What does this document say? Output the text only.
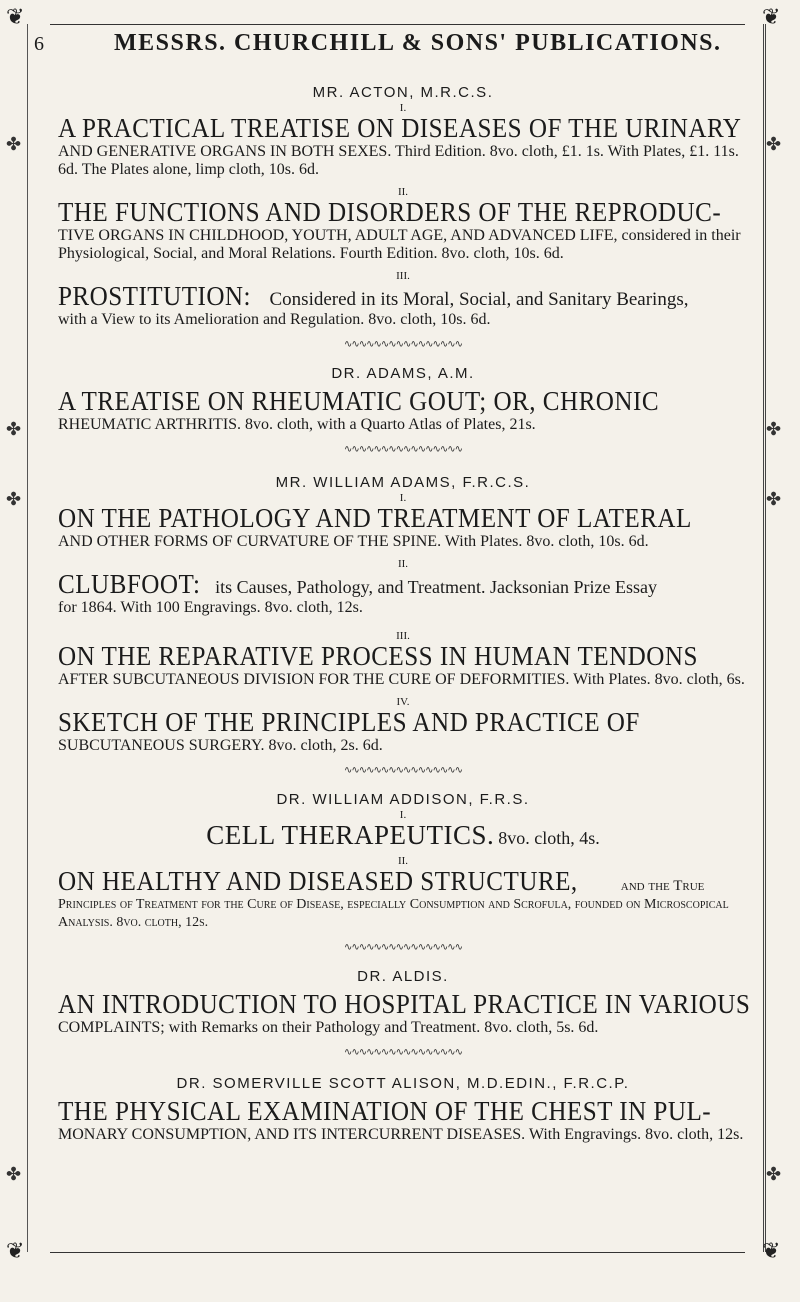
❦	❦
❦	❦
✤
✤
✤
✤
✤
✤
✤
✤
6	MESSRS. CHURCHILL & SONS' PUBLICATIONS.
MR. ACTON, M.R.C.S.
I.
A PRACTICAL TREATISE ON DISEASES OF THE URINARY
AND GENERATIVE ORGANS IN BOTH SEXES. Third Edition. 8vo. cloth, £1. 1s. With Plates, £1. 11s. 6d. The Plates alone, limp cloth, 10s. 6d.
II.
THE FUNCTIONS AND DISORDERS OF THE REPRODUC-
TIVE ORGANS IN CHILDHOOD, YOUTH, ADULT AGE, AND ADVANCED LIFE, considered in their Physiological, Social, and Moral Relations. Fourth Edition. 8vo. cloth, 10s. 6d.
III.
PROSTITUTION: Considered in its Moral, Social, and Sanitary Bearings,
with a View to its Amelioration and Regulation. 8vo. cloth, 10s. 6d.
∿∿∿∿∿∿∿∿∿∿∿∿∿∿∿∿
DR. ADAMS, A.M.
A TREATISE ON RHEUMATIC GOUT; OR, CHRONIC
RHEUMATIC ARTHRITIS. 8vo. cloth, with a Quarto Atlas of Plates, 21s.
∿∿∿∿∿∿∿∿∿∿∿∿∿∿∿∿
MR. WILLIAM ADAMS, F.R.C.S.
I.
ON THE PATHOLOGY AND TREATMENT OF LATERAL
AND OTHER FORMS OF CURVATURE OF THE SPINE. With Plates. 8vo. cloth, 10s. 6d.
II.
CLUBFOOT: its Causes, Pathology, and Treatment. Jacksonian Prize Essay
for 1864. With 100 Engravings. 8vo. cloth, 12s.
III.
ON THE REPARATIVE PROCESS IN HUMAN TENDONS
AFTER SUBCUTANEOUS DIVISION FOR THE CURE OF DEFORMITIES. With Plates. 8vo. cloth, 6s.
IV.
SKETCH OF THE PRINCIPLES AND PRACTICE OF
SUBCUTANEOUS SURGERY. 8vo. cloth, 2s. 6d.
∿∿∿∿∿∿∿∿∿∿∿∿∿∿∿∿
DR. WILLIAM ADDISON, F.R.S.
I.
CELL THERAPEUTICS. 8vo. cloth, 4s.
II.
ON HEALTHY AND DISEASED STRUCTURE,	and the True
Principles of Treatment for the Cure of Disease, especially Consumption and Scrofula, founded on Microscopical Analysis. 8vo. cloth, 12s.
∿∿∿∿∿∿∿∿∿∿∿∿∿∿∿∿
DR. ALDIS.
AN INTRODUCTION TO HOSPITAL PRACTICE IN VARIOUS
COMPLAINTS; with Remarks on their Pathology and Treatment. 8vo. cloth, 5s. 6d.
∿∿∿∿∿∿∿∿∿∿∿∿∿∿∿∿
DR. SOMERVILLE SCOTT ALISON, M.D.EDIN., F.R.C.P.
THE PHYSICAL EXAMINATION OF THE CHEST IN PUL-
MONARY CONSUMPTION, AND ITS INTERCURRENT DISEASES. With Engravings. 8vo. cloth, 12s.
